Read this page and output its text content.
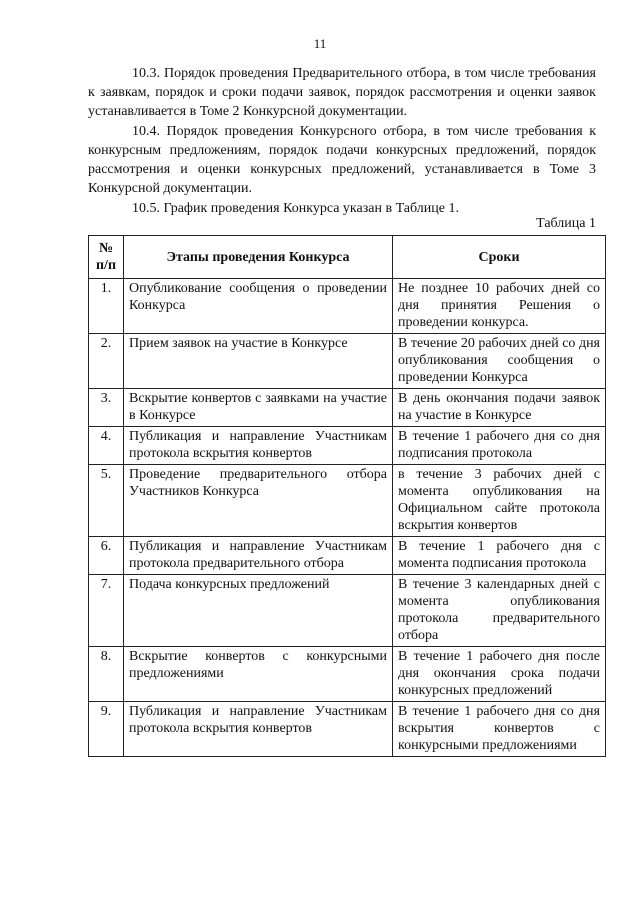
11

10.3. Порядок проведения Предварительного отбора, в том числе требования к заявкам, порядок и сроки подачи заявок, порядок рассмотрения и оценки заявок устанавливается в Томе 2 Конкурсной документации.

10.4. Порядок проведения Конкурсного отбора, в том числе требования к конкурсным предложениям, порядок подачи конкурсных предложений, порядок рассмотрения и оценки конкурсных предложений, устанавливается в Томе 3 Конкурсной документации.

10.5. График проведения Конкурса указан в Таблице 1.

Таблица 1
№ п/п	Этапы проведения Конкурса	Сроки
1.	Опубликование сообщения о проведении Конкурса	Не позднее 10 рабочих дней со дня принятия Решения о проведении конкурса.
2.	Прием заявок на участие в Конкурсе	В течение 20 рабочих дней со дня опубликования сообщения о проведении Конкурса
3.	Вскрытие конвертов с заявками на участие в Конкурсе	В день окончания подачи заявок на участие в Конкурсе
4.	Публикация и направление Участникам протокола вскрытия конвертов	В течение 1 рабочего дня со дня подписания протокола
5.	Проведение предварительного отбора Участников Конкурса	в течение 3 рабочих дней с момента опубликования на Официальном сайте протокола вскрытия конвертов
6.	Публикация и направление Участникам протокола предварительного отбора	В течение 1 рабочего дня с момента подписания протокола
7.	Подача конкурсных предложений	В течение 3 календарных дней с момента опубликования протокола предварительного отбора
8.	Вскрытие конвертов с конкурсными предложениями	В течение 1 рабочего дня после дня окончания срока подачи конкурсных предложений
9.	Публикация и направление Участникам протокола вскрытия конвертов	В течение 1 рабочего дня со дня вскрытия конвертов с конкурсными предложениями
